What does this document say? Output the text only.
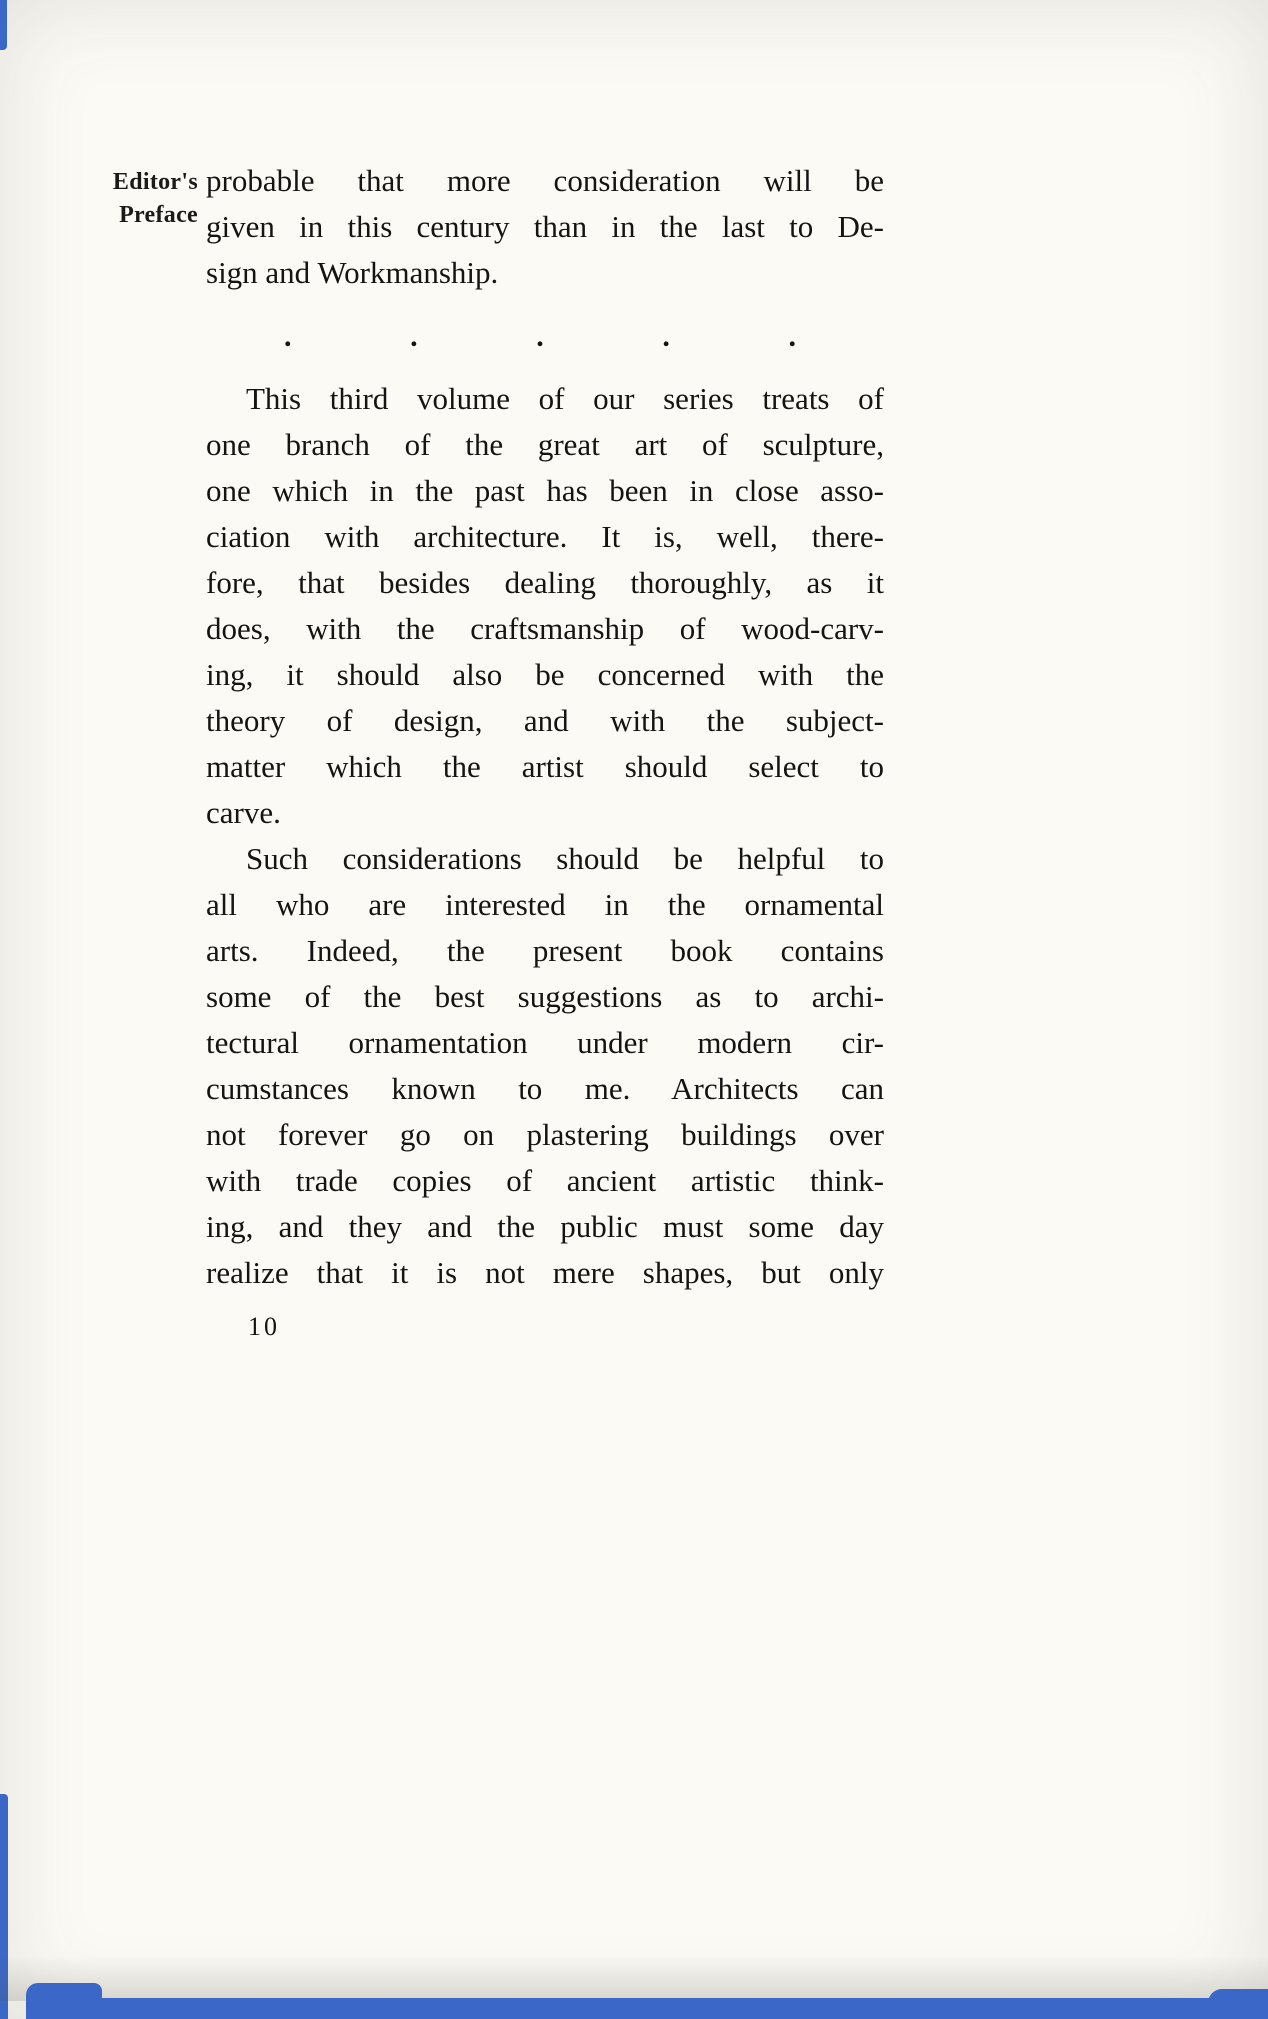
Editor's
Preface
probable that more consideration will be
given in this century than in the last to De-
sign and Workmanship.
.	.	.	.	.
This third volume of our series treats of
one branch of the great art of sculpture,
one which in the past has been in close asso-
ciation with architecture. It is, well, there-
fore, that besides dealing thoroughly, as it
does, with the craftsmanship of wood-carv-
ing, it should also be concerned with the
theory of design, and with the subject-
matter which the artist should select to
carve.
Such considerations should be helpful to
all who are interested in the ornamental
arts. Indeed, the present book contains
some of the best suggestions as to archi-
tectural ornamentation under modern cir-
cumstances known to me. Architects can
not forever go on plastering buildings over
with trade copies of ancient artistic think-
ing, and they and the public must some day
realize that it is not mere shapes, but only
10
